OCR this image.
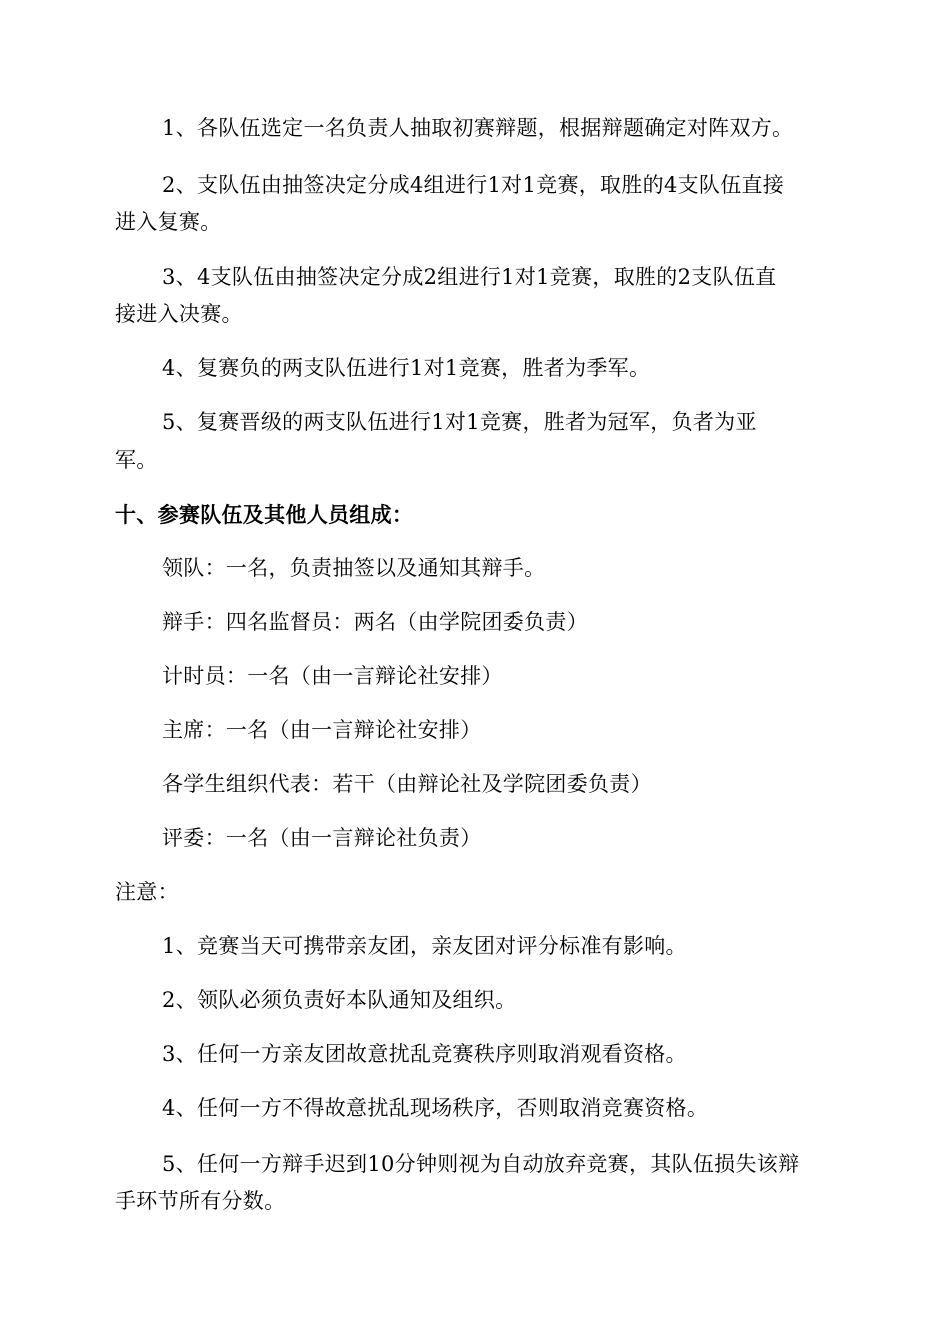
1、各队伍选定一名负责人抽取初赛辩题，根据辩题确定对阵双方。
2、支队伍由抽签决定分成4组进行1对1竞赛，取胜的4支队伍直接
进入复赛。
3、4支队伍由抽签决定分成2组进行1对1竞赛，取胜的2支队伍直
接进入决赛。
4、复赛负的两支队伍进行1对1竞赛，胜者为季军。
5、复赛晋级的两支队伍进行1对1竞赛，胜者为冠军，负者为亚
军。
十、参赛队伍及其他人员组成：
领队：一名，负责抽签以及通知其辩手。
辩手：四名监督员：两名（由学院团委负责）
计时员：一名（由一言辩论社安排）
主席：一名（由一言辩论社安排）
各学生组织代表：若干（由辩论社及学院团委负责）
评委：一名（由一言辩论社负责）
注意：
1、竞赛当天可携带亲友团，亲友团对评分标准有影响。
2、领队必须负责好本队通知及组织。
3、任何一方亲友团故意扰乱竞赛秩序则取消观看资格。
4、任何一方不得故意扰乱现场秩序，否则取消竞赛资格。
5、任何一方辩手迟到10分钟则视为自动放弃竞赛，其队伍损失该辩
手环节所有分数。
